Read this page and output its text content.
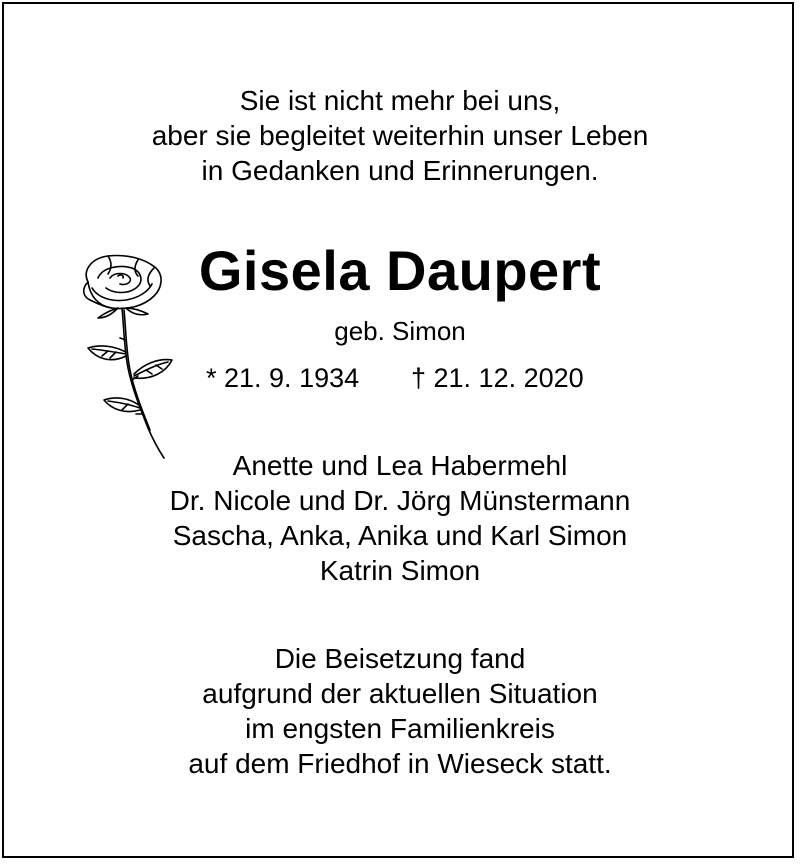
Sie ist nicht mehr bei uns,
aber sie begleitet weiterhin unser Leben
in Gedanken und Erinnerungen.
Gisela Daupert
geb. Simon
* 21. 9. 1934 † 21. 12. 2020
Anette und Lea Habermehl
Dr. Nicole und Dr. Jörg Münstermann
Sascha, Anka, Anika und Karl Simon
Katrin Simon
Die Beisetzung fand
aufgrund der aktuellen Situation
im engsten Familienkreis
auf dem Friedhof in Wieseck statt.
